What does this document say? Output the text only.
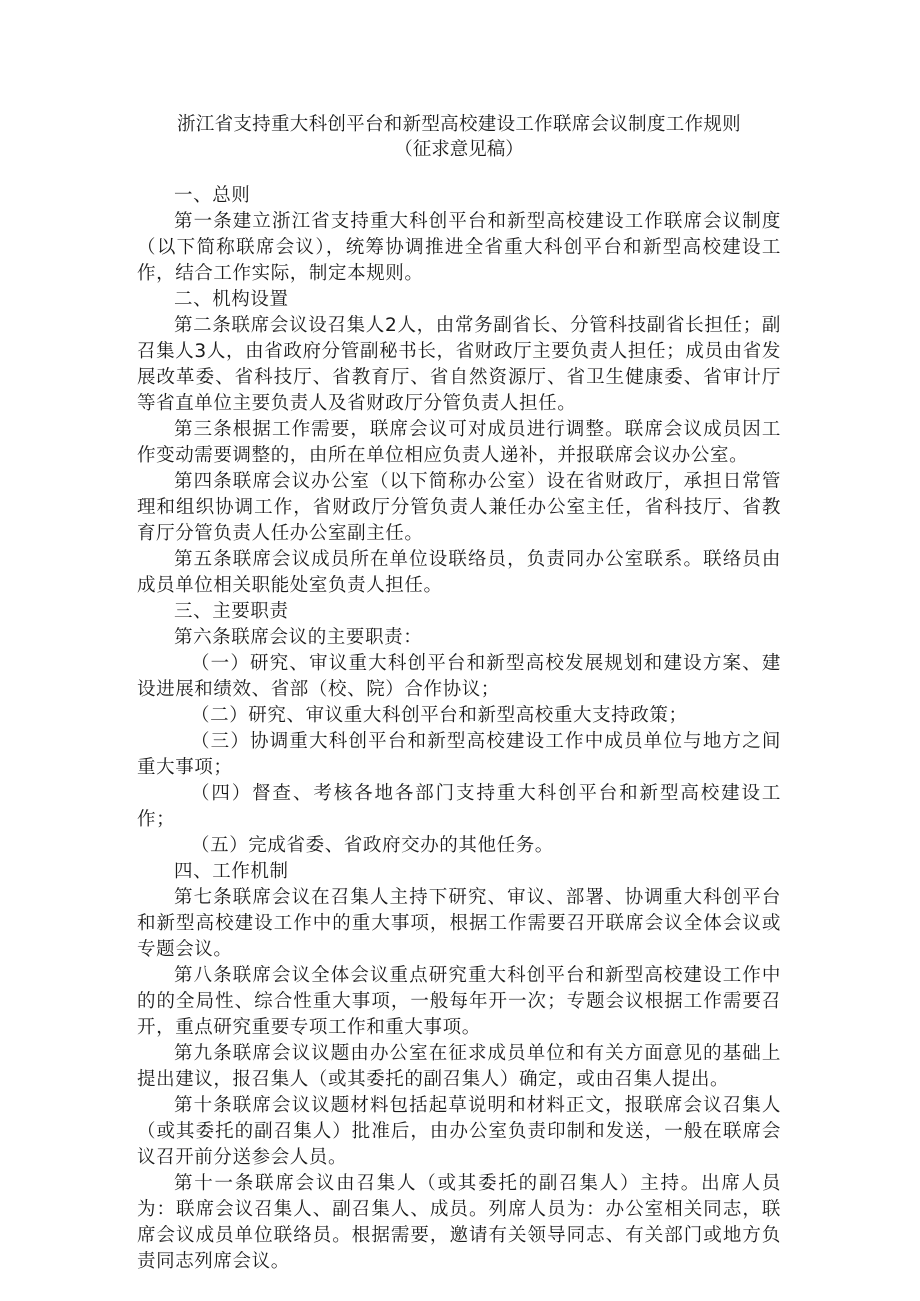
浙江省支持重大科创平台和新型高校建设工作联席会议制度工作规则

（征求意见稿）

一、总则

第一条建立浙江省支持重大科创平台和新型高校建设工作联席会议制度（以下简称联席会议），统筹协调推进全省重大科创平台和新型高校建设工作，结合工作实际，制定本规则。

二、机构设置

第二条联席会议设召集人2人，由常务副省长、分管科技副省长担任；副召集人3人，由省政府分管副秘书长，省财政厅主要负责人担任；成员由省发展改革委、省科技厅、省教育厅、省自然资源厅、省卫生健康委、省审计厅等省直单位主要负责人及省财政厅分管负责人担任。

第三条根据工作需要，联席会议可对成员进行调整。联席会议成员因工作变动需要调整的，由所在单位相应负责人递补，并报联席会议办公室。

第四条联席会议办公室（以下简称办公室）设在省财政厅，承担日常管理和组织协调工作，省财政厅分管负责人兼任办公室主任，省科技厅、省教育厅分管负责人任办公室副主任。

第五条联席会议成员所在单位设联络员，负责同办公室联系。联络员由成员单位相关职能处室负责人担任。

三、主要职责

第六条联席会议的主要职责：

（一）研究、审议重大科创平台和新型高校发展规划和建设方案、建设进展和绩效、省部（校、院）合作协议；

（二）研究、审议重大科创平台和新型高校重大支持政策；

（三）协调重大科创平台和新型高校建设工作中成员单位与地方之间重大事项；

（四）督查、考核各地各部门支持重大科创平台和新型高校建设工作；

（五）完成省委、省政府交办的其他任务。

四、工作机制

第七条联席会议在召集人主持下研究、审议、部署、协调重大科创平台和新型高校建设工作中的重大事项，根据工作需要召开联席会议全体会议或专题会议。

第八条联席会议全体会议重点研究重大科创平台和新型高校建设工作中的的全局性、综合性重大事项，一般每年开一次；专题会议根据工作需要召开，重点研究重要专项工作和重大事项。

第九条联席会议议题由办公室在征求成员单位和有关方面意见的基础上提出建议，报召集人（或其委托的副召集人）确定，或由召集人提出。

第十条联席会议议题材料包括起草说明和材料正文，报联席会议召集人（或其委托的副召集人）批准后，由办公室负责印制和发送，一般在联席会议召开前分送参会人员。

第十一条联席会议由召集人（或其委托的副召集人）主持。出席人员为：联席会议召集人、副召集人、成员。列席人员为：办公室相关同志，联席会议成员单位联络员。根据需要，邀请有关领导同志、有关部门或地方负责同志列席会议。
